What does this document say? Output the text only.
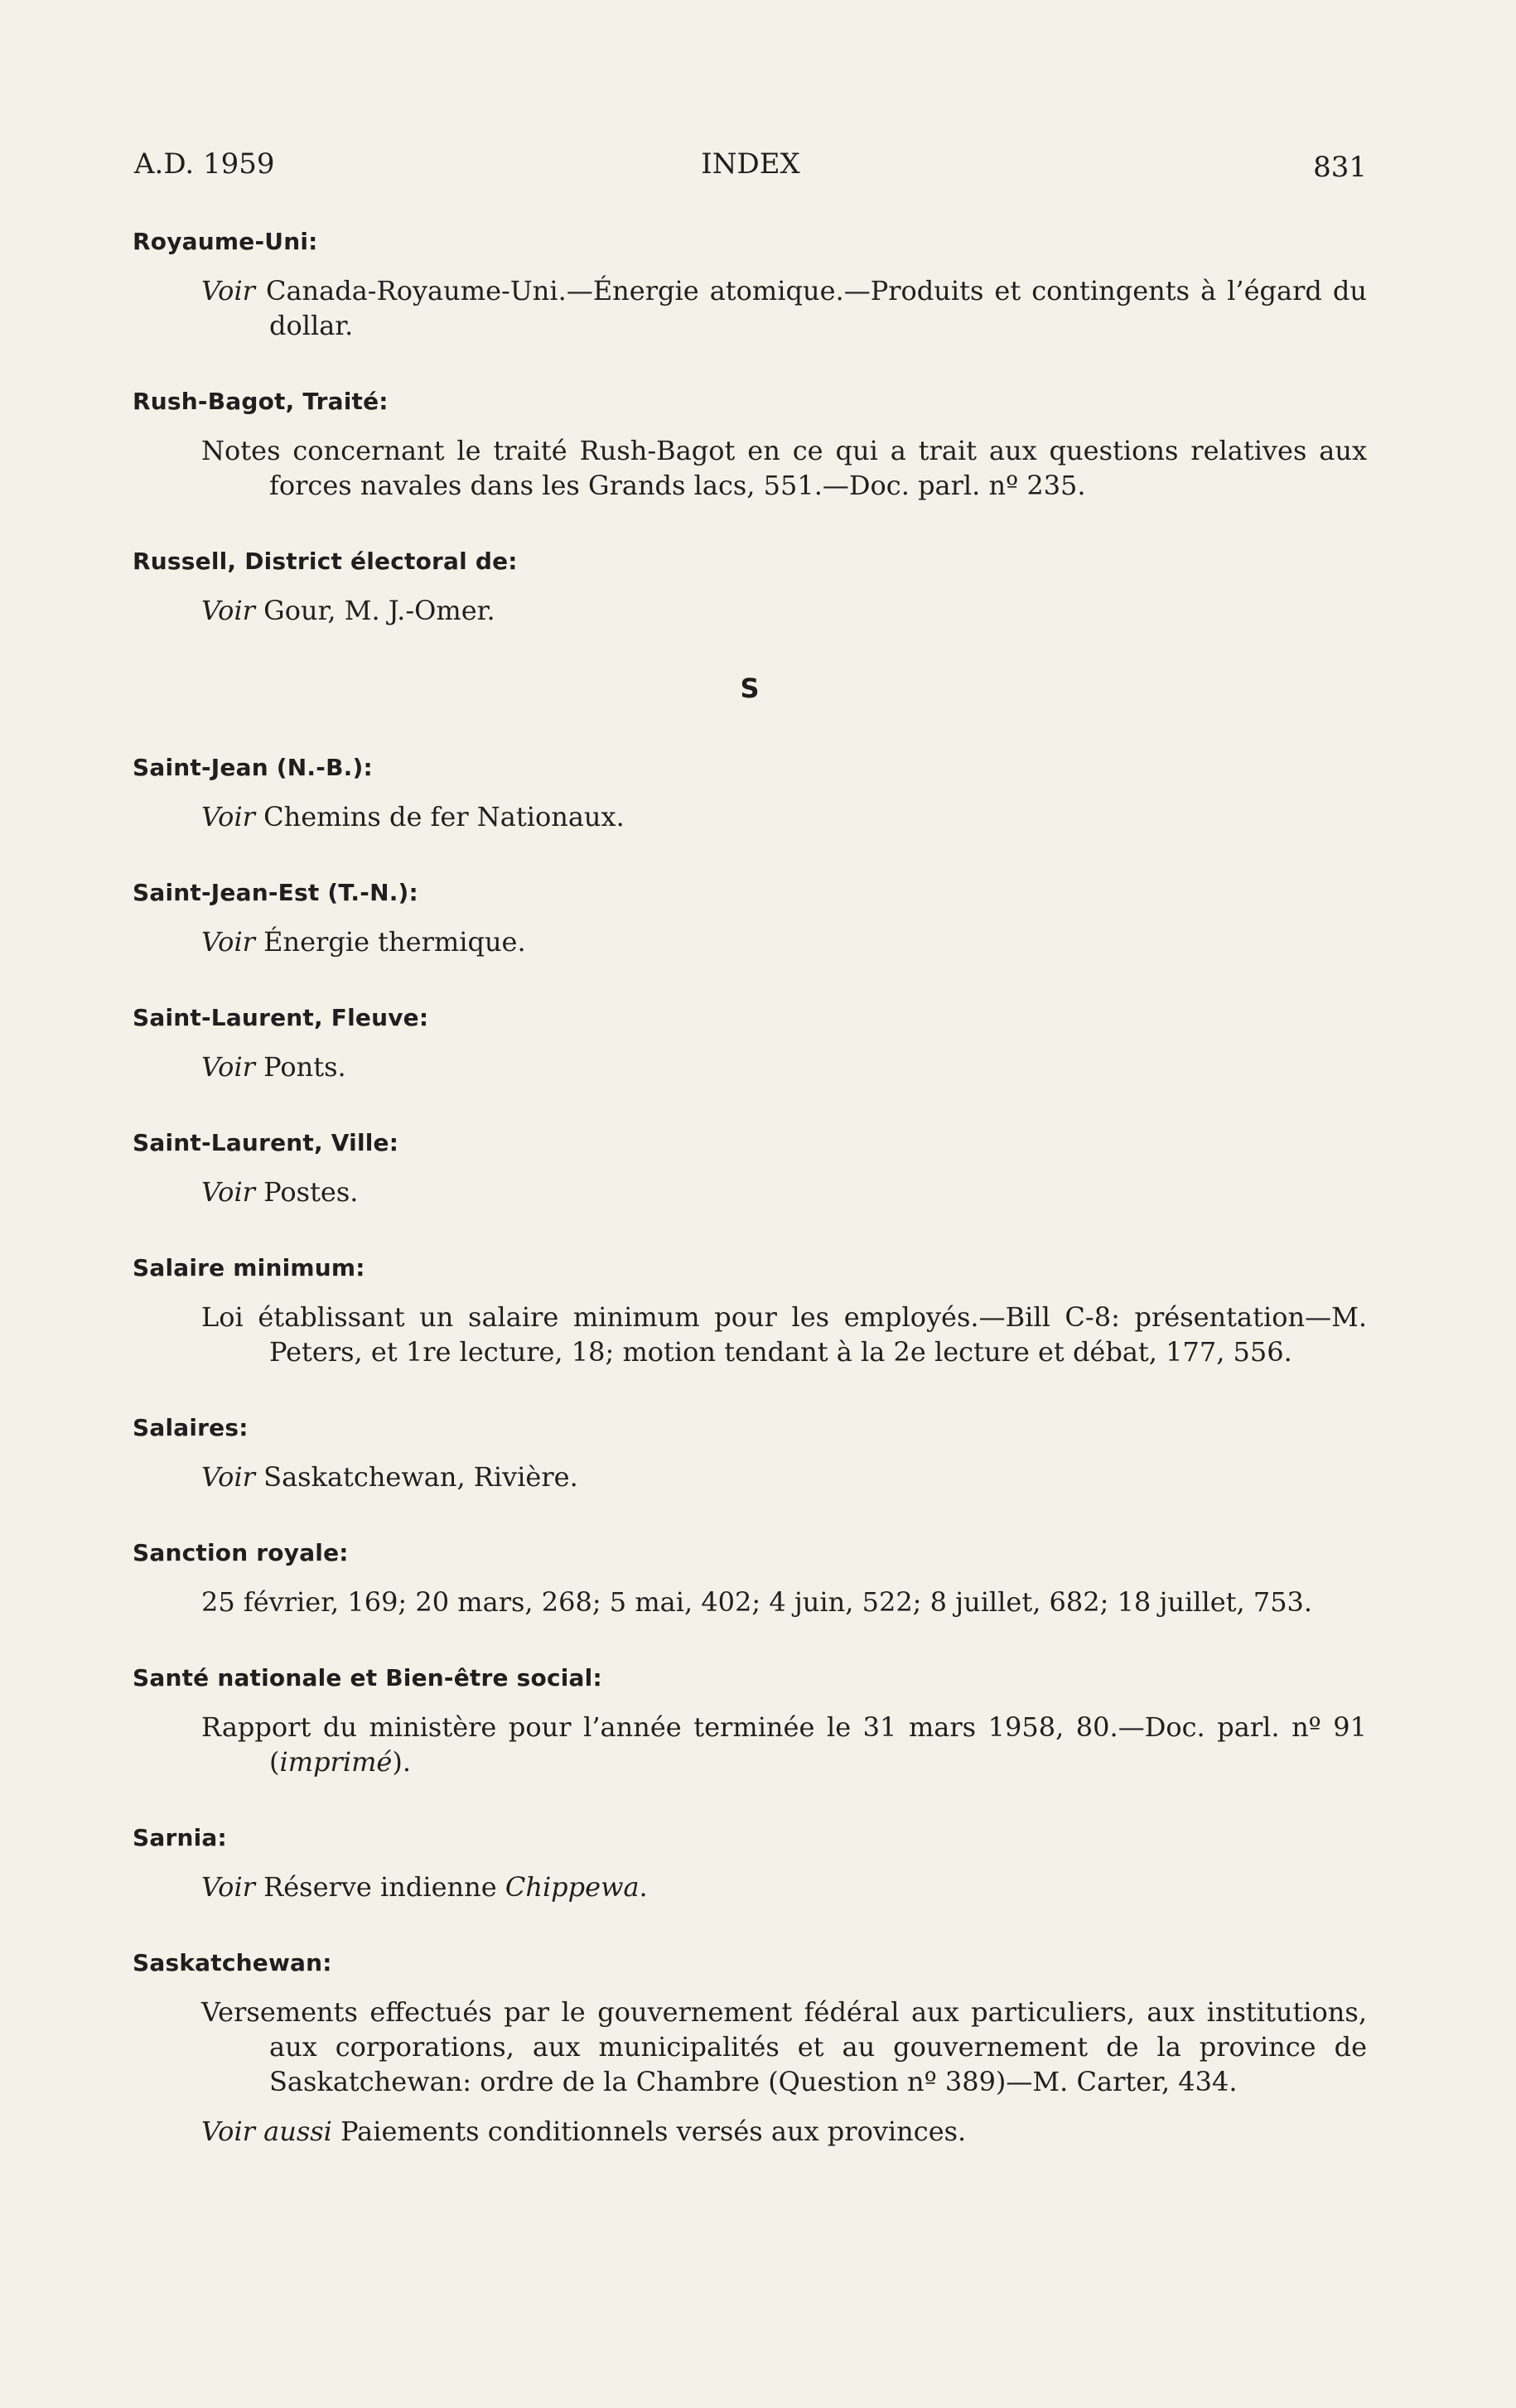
A.D. 1959	INDEX	831
Royaume-Uni:
Voir Canada-Royaume-Uni.—Énergie atomique.—Produits et contingents à l’égard du dollar.
Rush-Bagot, Traité:
Notes concernant le traité Rush-Bagot en ce qui a trait aux questions relatives aux forces navales dans les Grands lacs, 551.—Doc. parl. nº 235.
Russell, District électoral de:
Voir Gour, M. J.-Omer.
S
Saint-Jean (N.-B.):
Voir Chemins de fer Nationaux.
Saint-Jean-Est (T.-N.):
Voir Énergie thermique.
Saint-Laurent, Fleuve:
Voir Ponts.
Saint-Laurent, Ville:
Voir Postes.
Salaire minimum:
Loi établissant un salaire minimum pour les employés.—Bill C-8: présentation—M. Peters, et 1re lecture, 18; motion tendant à la 2e lecture et débat, 177, 556.
Salaires:
Voir Saskatchewan, Rivière.
Sanction royale:
25 février, 169; 20 mars, 268; 5 mai, 402; 4 juin, 522; 8 juillet, 682; 18 juillet, 753.
Santé nationale et Bien-être social:
Rapport du ministère pour l’année terminée le 31 mars 1958, 80.—Doc. parl. nº 91 (imprimé).
Sarnia:
Voir Réserve indienne Chippewa.
Saskatchewan:
Versements effectués par le gouvernement fédéral aux particuliers, aux institutions, aux corporations, aux municipalités et au gouvernement de la province de Saskatchewan: ordre de la Chambre (Question nº 389)—M. Carter, 434.
Voir aussi Paiements conditionnels versés aux provinces.
